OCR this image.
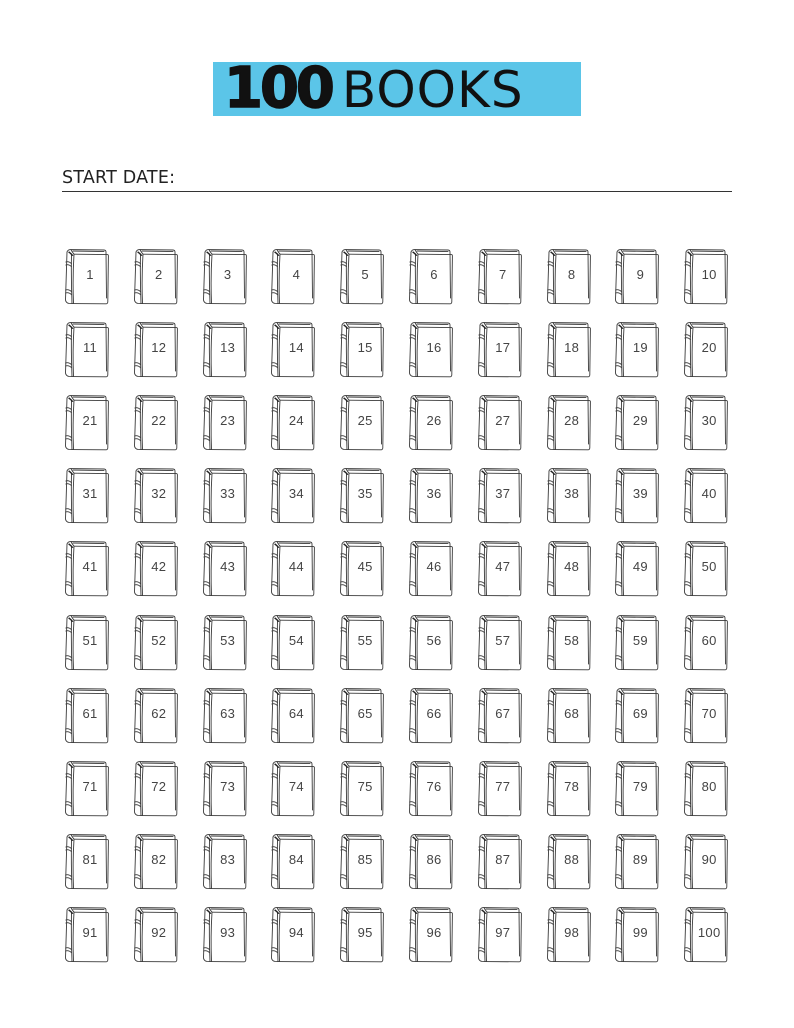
100 BOOKS
START DATE:
1	2	3	4	5	6	7	8	9	10
11	12	13	14	15	16	17	18	19	20
21	22	23	24	25	26	27	28	29	30
31	32	33	34	35	36	37	38	39	40
41	42	43	44	45	46	47	48	49	50
51	52	53	54	55	56	57	58	59	60
61	62	63	64	65	66	67	68	69	70
71	72	73	74	75	76	77	78	79	80
81	82	83	84	85	86	87	88	89	90
91	92	93	94	95	96	97	98	99	100
